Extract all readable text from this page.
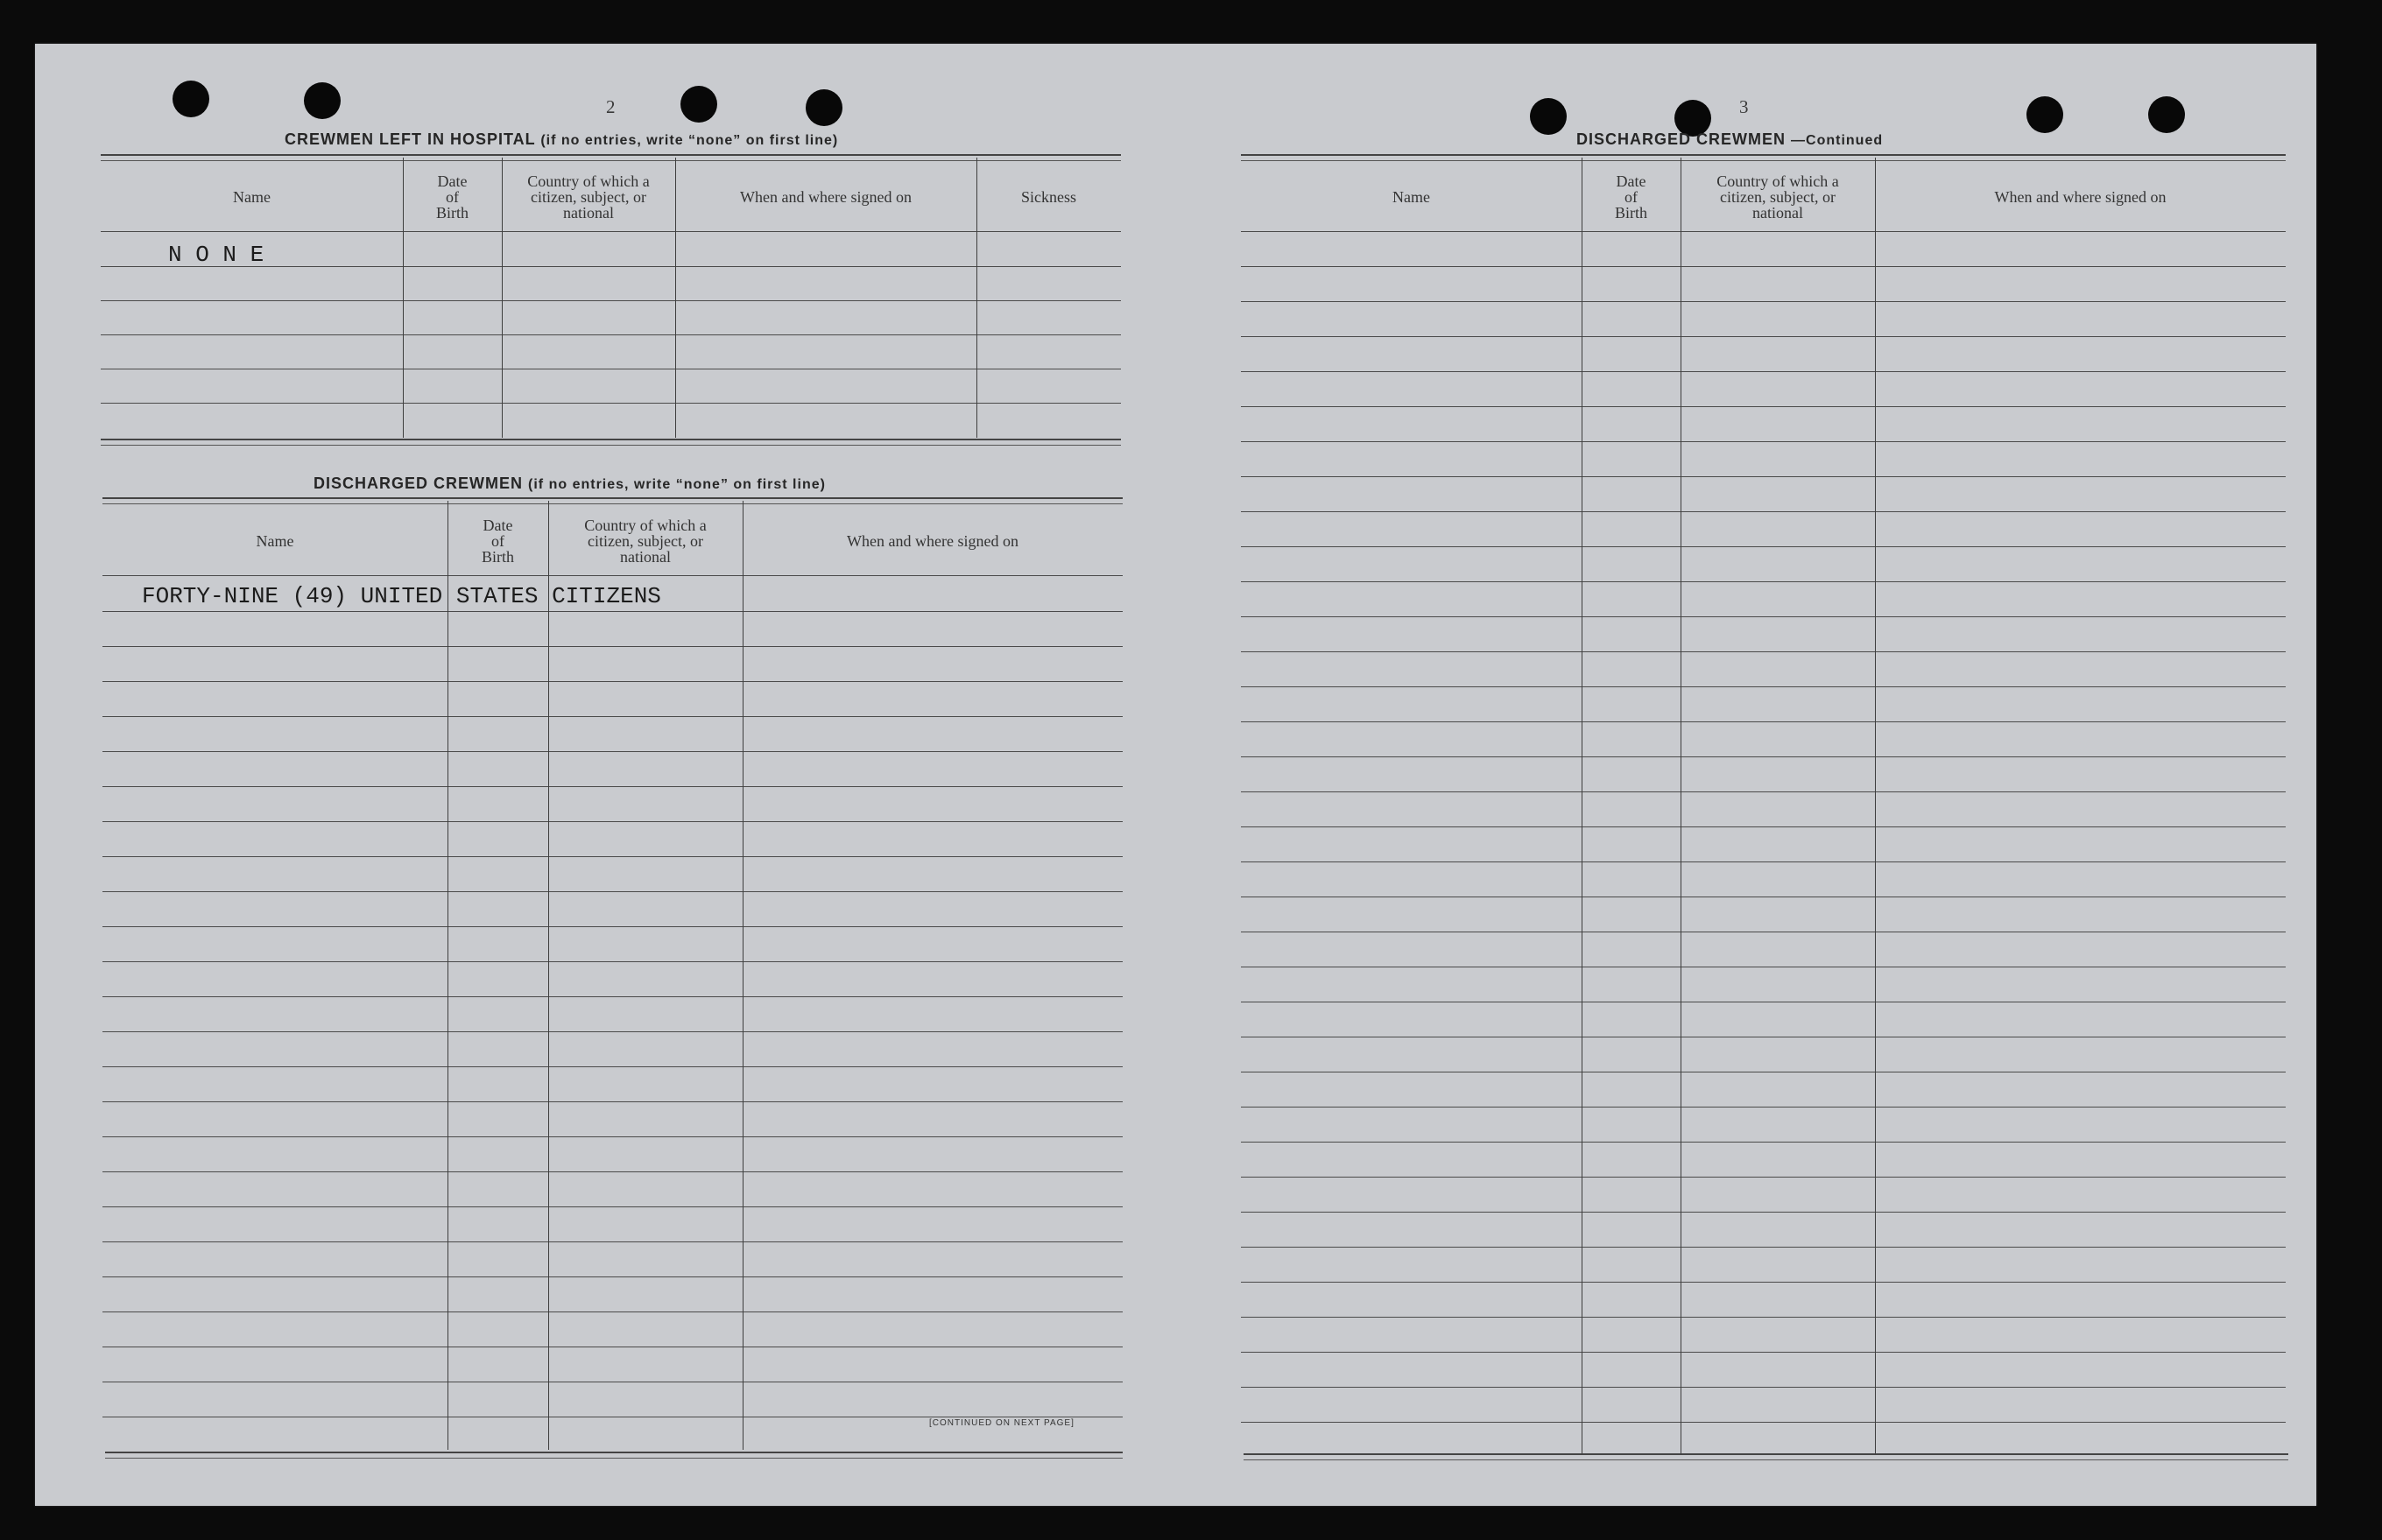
2
CREWMEN LEFT IN HOSPITAL (if no entries, write “none” on first line)
Name
Date
of
Birth
Country of which a
citizen, subject, or
national
When and where signed on	Sickness
N O N E
DISCHARGED CREWMEN (if no entries, write “none” on first line)
Name
Date
of
Birth
Country of which a
citizen, subject, or
national
When and where signed on
FORTY-NINE (49) UNITED STATES CITIZENS
[CONTINUED ON NEXT PAGE]
3
DISCHARGED CREWMEN —Continued
Name
Date
of
Birth
Country of which a
citizen, subject, or
national
When and where signed on
